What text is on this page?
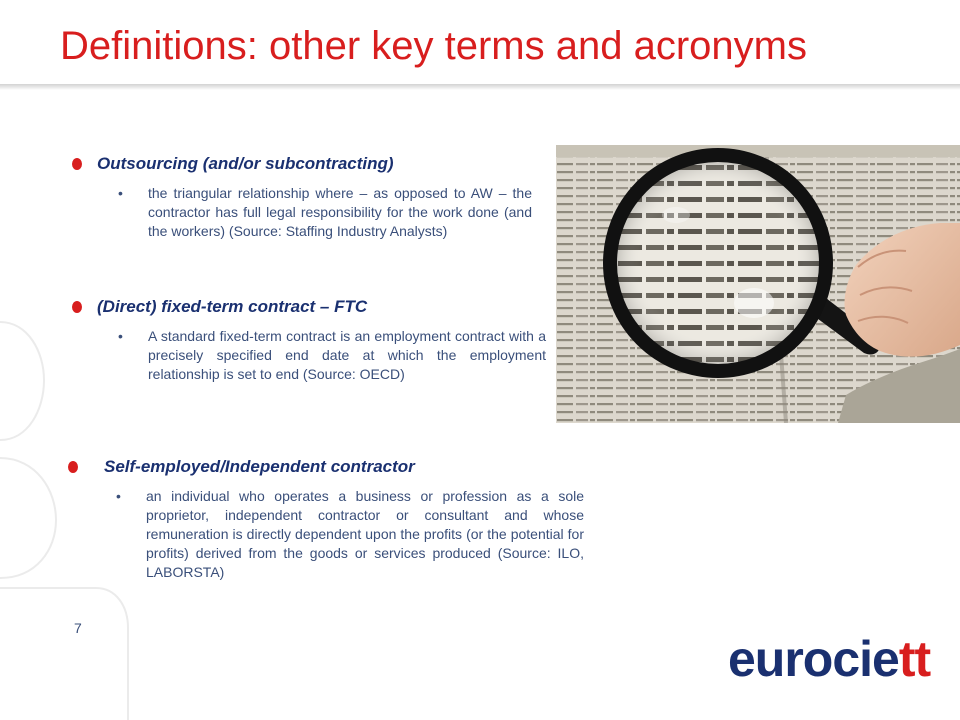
Definitions: other key terms and acronyms
Outsourcing (and/or subcontracting)
• the triangular relationship where – as opposed to AW – the contractor has full legal responsibility for the work done (and the workers) (Source: Staffing Industry Analysts)
(Direct) fixed-term contract – FTC
• A standard fixed-term contract is an employment contract with a precisely specified end date at which the employment relationship is set to end (Source: OECD)
Self-employed/Independent contractor
• an individual who operates a business or profession as a sole proprietor, independent contractor or consultant and whose remuneration is directly dependent upon the profits (or the potential for profits) derived from the goods or services produced (Source: ILO, LABORSTA)
7
eurociett
